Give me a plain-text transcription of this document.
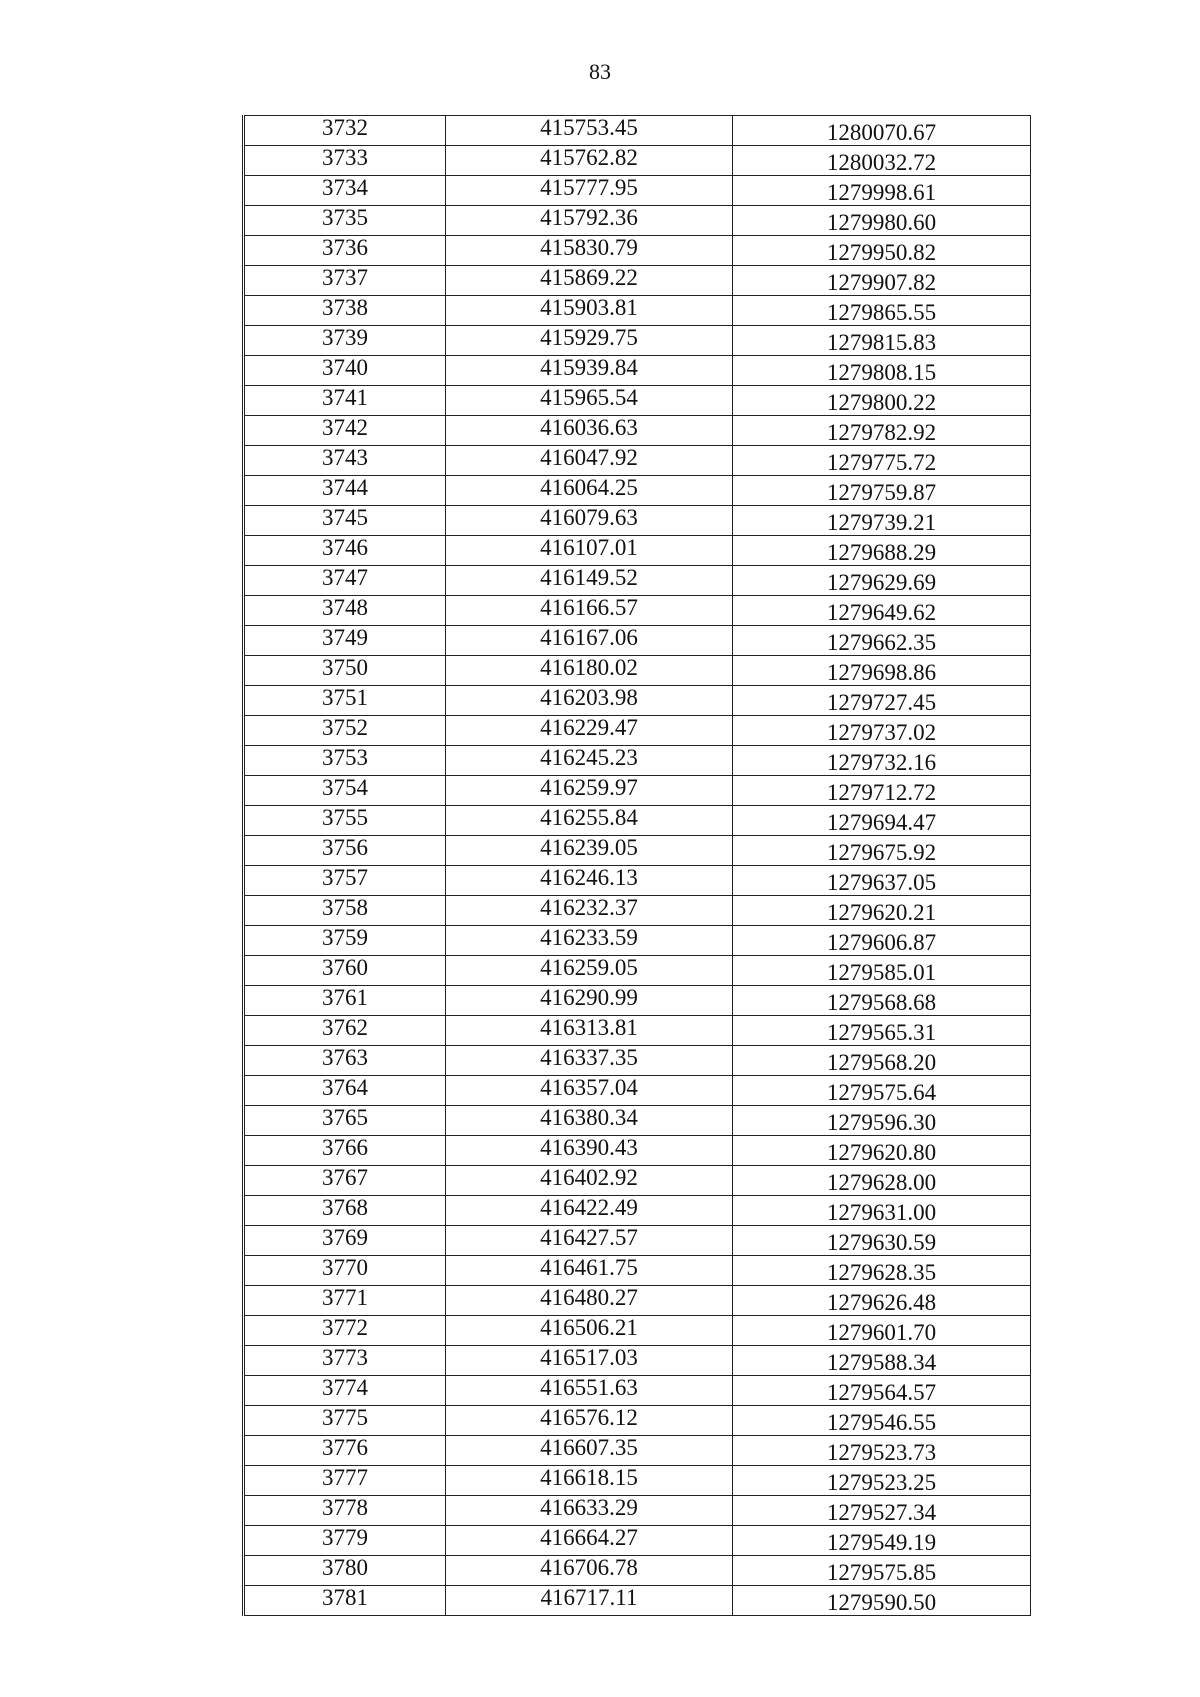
83
3732	415753.45	1280070.67
3733	415762.82	1280032.72
3734	415777.95	1279998.61
3735	415792.36	1279980.60
3736	415830.79	1279950.82
3737	415869.22	1279907.82
3738	415903.81	1279865.55
3739	415929.75	1279815.83
3740	415939.84	1279808.15
3741	415965.54	1279800.22
3742	416036.63	1279782.92
3743	416047.92	1279775.72
3744	416064.25	1279759.87
3745	416079.63	1279739.21
3746	416107.01	1279688.29
3747	416149.52	1279629.69
3748	416166.57	1279649.62
3749	416167.06	1279662.35
3750	416180.02	1279698.86
3751	416203.98	1279727.45
3752	416229.47	1279737.02
3753	416245.23	1279732.16
3754	416259.97	1279712.72
3755	416255.84	1279694.47
3756	416239.05	1279675.92
3757	416246.13	1279637.05
3758	416232.37	1279620.21
3759	416233.59	1279606.87
3760	416259.05	1279585.01
3761	416290.99	1279568.68
3762	416313.81	1279565.31
3763	416337.35	1279568.20
3764	416357.04	1279575.64
3765	416380.34	1279596.30
3766	416390.43	1279620.80
3767	416402.92	1279628.00
3768	416422.49	1279631.00
3769	416427.57	1279630.59
3770	416461.75	1279628.35
3771	416480.27	1279626.48
3772	416506.21	1279601.70
3773	416517.03	1279588.34
3774	416551.63	1279564.57
3775	416576.12	1279546.55
3776	416607.35	1279523.73
3777	416618.15	1279523.25
3778	416633.29	1279527.34
3779	416664.27	1279549.19
3780	416706.78	1279575.85
3781	416717.11	1279590.50
